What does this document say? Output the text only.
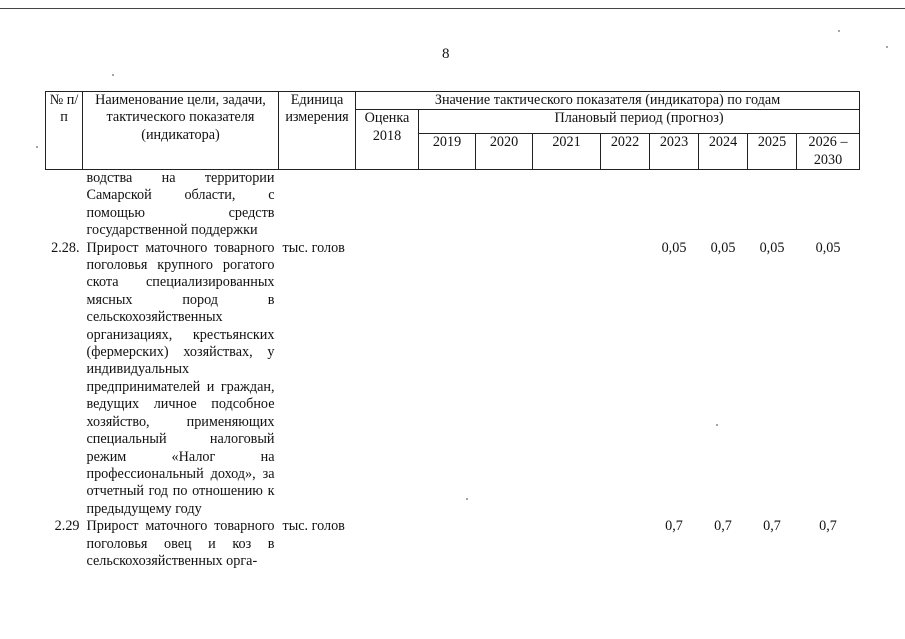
8
№ п/п	Наименование цели, задачи, тактического показателя (индикатора)	Единица измерения	Значение тактического показателя (индикатора) по годам								
			Оценка 2018	Плановый период (прогноз)							
				2019	2020	2021	2022	2023	2024	2025	2026 – 2030
	водства на территории Самарской области, с помощью средств государственной поддержки										
2.28.	Прирост маточного товарного поголовья крупного рогатого скота специализированных мясных пород в сельскохозяйственных организациях, крестьянских (фермерских) хозяйствах, у индивидуальных предпринимателей и граждан, ведущих личное подсобное хозяйство, применяющих специальный налоговый режим «Налог на профессиональный доход», за отчетный год по отношению к предыдущему году	тыс. голов						0,05	0,05	0,05	0,05
2.29	Прирост маточного товарного поголовья овец и коз в сельскохозяйственных орга-	тыс. голов						0,7	0,7	0,7	0,7
